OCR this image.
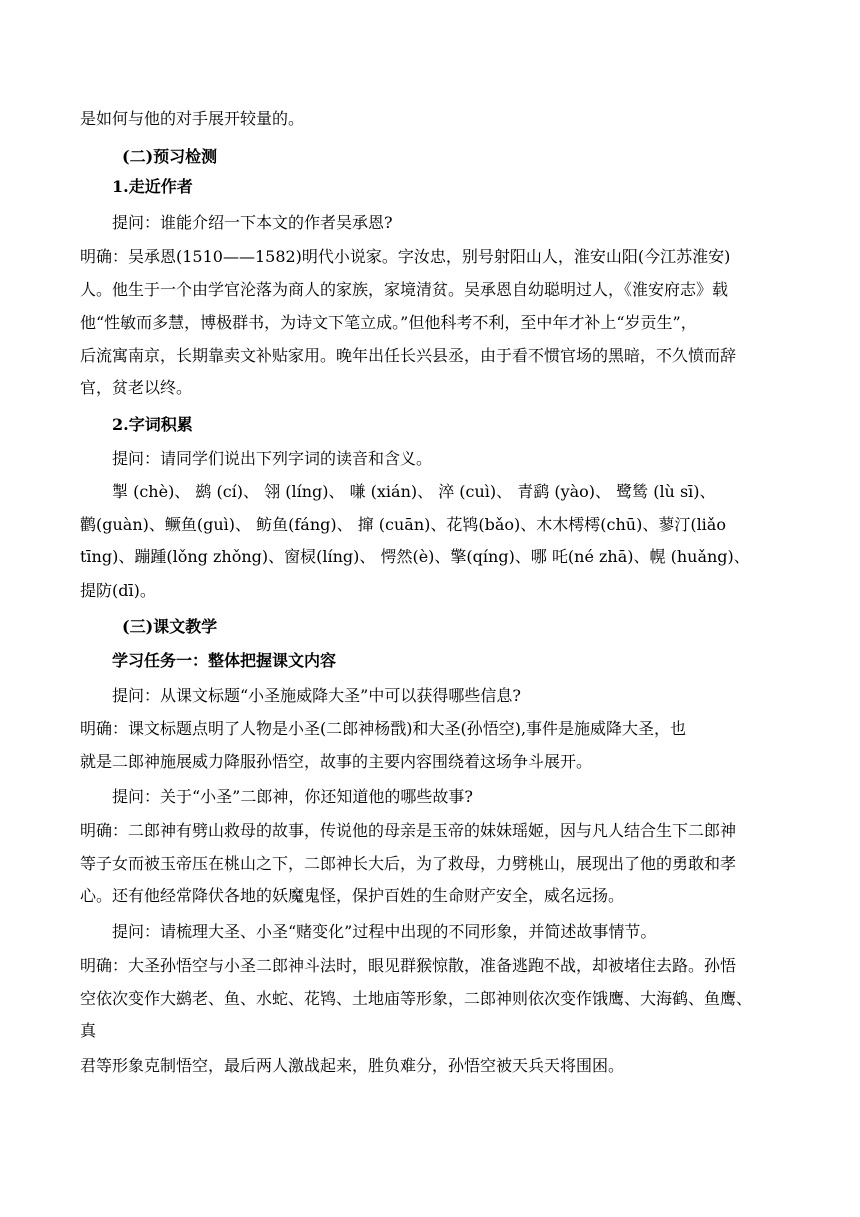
是如何与他的对手展开较量的。
(二)预习检测
1.走近作者
提问：谁能介绍一下本文的作者吴承恩?
明确：吴承恩(1510——1582)明代小说家。字汝忠，别号射阳山人，淮安山阳(今江苏淮安)
人。他生于一个由学官沦落为商人的家族，家境清贫。吴承恩自幼聪明过人，《淮安府志》载
他“性敏而多慧，博极群书，为诗文下笔立成。”但他科考不利，至中年才补上“岁贡生”，
后流寓南京，长期靠卖文补贴家用。晚年出任长兴县丞，由于看不惯官场的黑暗，不久愤而辞
官，贫老以终。
2.字词积累
提问：请同学们说出下列字词的读音和含义。
掣 (chè)、 鹚 (cí)、 翎 (líng)、 嗛 (xián)、 淬 (cuì)、 青鹞 (yào)、 鹭鸶 (lù sī)、
鹳(guàn)、鳜鱼(guì)、 鲂鱼(fáng)、 撺 (cuān)、花鸨(bǎo)、木木樗樗(chū)、蓼汀(liǎo
tīng)、蹦踵(lǒng zhǒng)、窗棂(líng)、 愕然(è)、擎(qíng)、哪 吒(né zhā)、幌 (huǎng)、
提防(dī)。
(三)课文教学
学习任务一：整体把握课文内容
提问：从课文标题“小圣施威降大圣”中可以获得哪些信息?
明确：课文标题点明了人物是小圣(二郎神杨戬)和大圣(孙悟空),事件是施威降大圣，也
就是二郎神施展威力降服孙悟空，故事的主要内容围绕着这场争斗展开。
提问：关于“小圣”二郎神，你还知道他的哪些故事?
明确：二郎神有劈山救母的故事，传说他的母亲是玉帝的妹妹瑶姬，因与凡人结合生下二郎神
等子女而被玉帝压在桃山之下，二郎神长大后，为了救母，力劈桃山，展现出了他的勇敢和孝
心。还有他经常降伏各地的妖魔鬼怪，保护百姓的生命财产安全，威名远扬。
提问：请梳理大圣、小圣“赌变化”过程中出现的不同形象，并简述故事情节。
明确：大圣孙悟空与小圣二郎神斗法时，眼见群猴惊散，准备逃跑不战，却被堵住去路。孙悟
空依次变作大鹚老、鱼、水蛇、花鸨、土地庙等形象，二郎神则依次变作饿鹰、大海鹤、鱼鹰、
真
君等形象克制悟空，最后两人激战起来，胜负难分，孙悟空被天兵天将围困。
